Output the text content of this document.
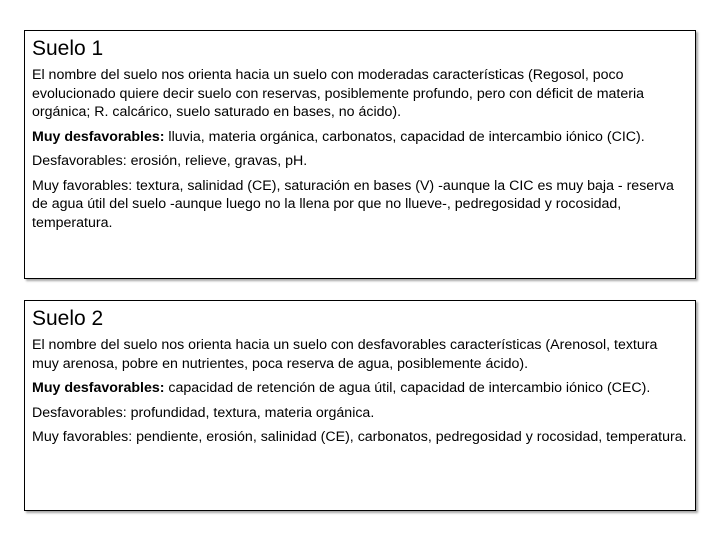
Suelo 1

El nombre del suelo nos orienta hacia un suelo con moderadas características (Regosol, poco evolucionado quiere decir suelo con reservas, posiblemente profundo, pero con déficit de materia orgánica; R. calcárico, suelo saturado en bases, no ácido).

Muy desfavorables: lluvia, materia orgánica, carbonatos, capacidad de intercambio iónico (CIC).

Desfavorables: erosión, relieve, gravas, pH.

Muy favorables: textura, salinidad (CE), saturación en bases (V) -aunque la CIC es muy baja - reserva de agua útil del suelo -aunque luego no la llena por que no llueve-, pedregosidad y rocosidad, temperatura.

Suelo 2

El nombre del suelo nos orienta hacia un suelo con desfavorables características (Arenosol, textura muy arenosa, pobre en nutrientes, poca reserva de agua, posiblemente ácido).

Muy desfavorables: capacidad de retención de agua útil, capacidad de intercambio iónico (CEC).

Desfavorables: profundidad, textura, materia orgánica.

Muy favorables: pendiente, erosión, salinidad (CE), carbonatos, pedregosidad y rocosidad, temperatura.
